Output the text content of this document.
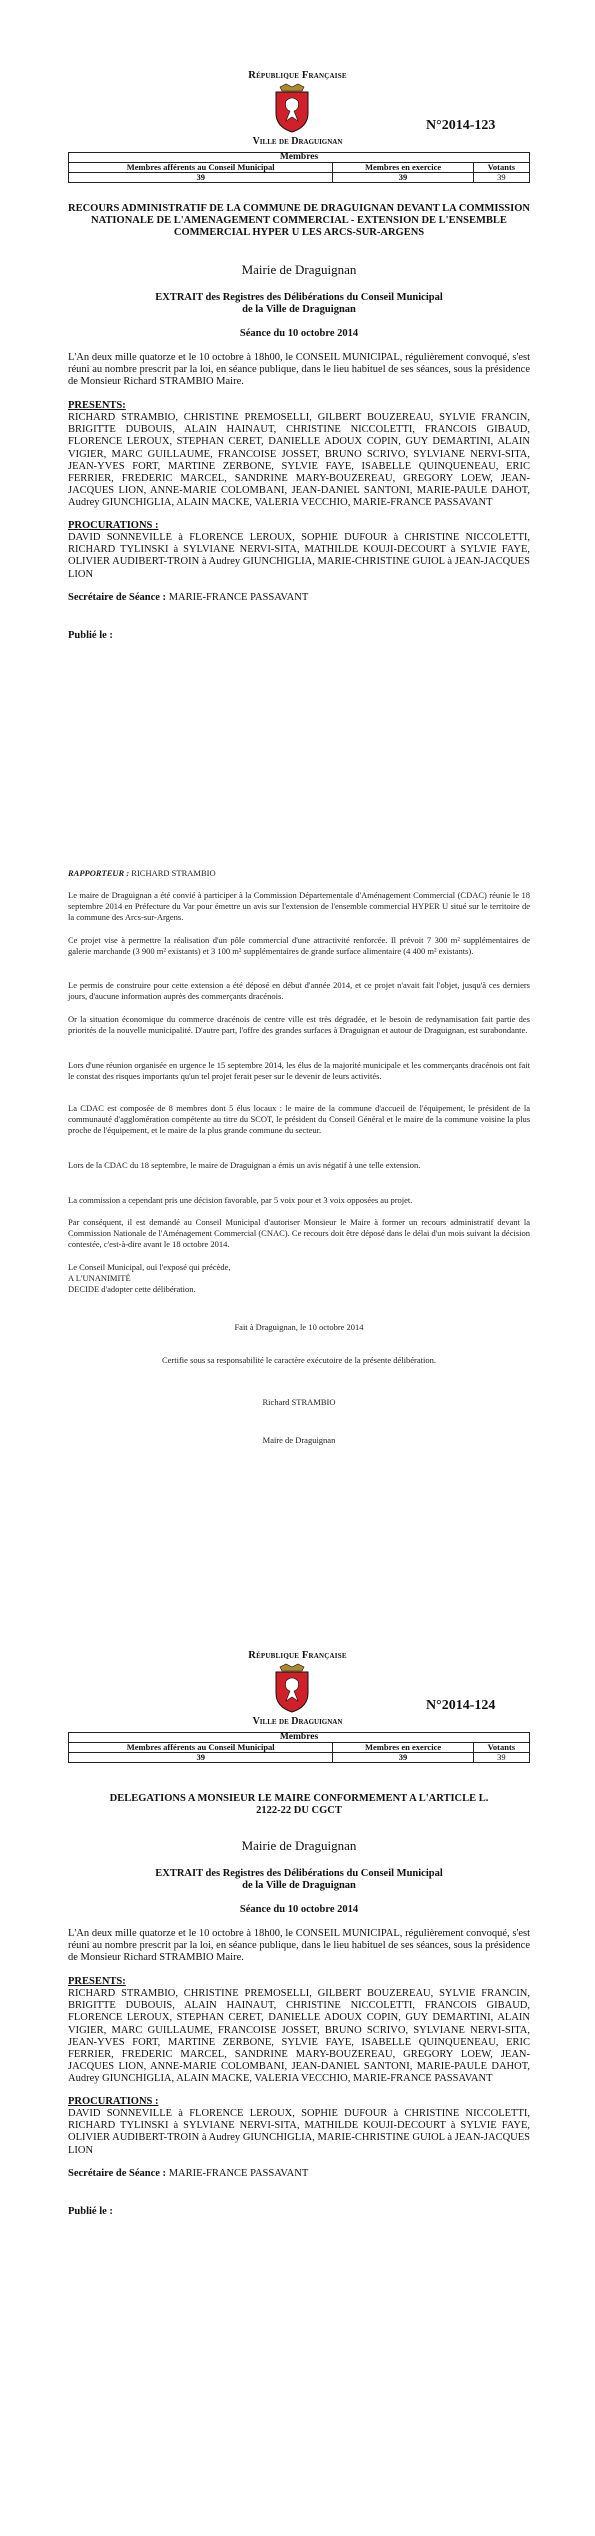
République Française
Ville de Draguignan
N°2014-123
Membres		
Membres afférents au Conseil Municipal	Membres en exercice	Votants
39	39	39
RECOURS ADMINISTRATIF DE LA COMMUNE DE DRAGUIGNAN DEVANT LA COMMISSION NATIONALE DE L'AMENAGEMENT COMMERCIAL - EXTENSION DE L'ENSEMBLE COMMERCIAL HYPER U LES ARCS-SUR-ARGENS
Mairie de Draguignan
EXTRAIT des Registres des Délibérations du Conseil Municipal
de la Ville de Draguignan
Séance du 10 octobre 2014
L'An deux mille quatorze et le 10 octobre à 18h00, le CONSEIL MUNICIPAL, régulièrement convoqué, s'est réuni au nombre prescrit par la loi, en séance publique, dans le lieu habituel de ses séances, sous la présidence de Monsieur Richard STRAMBIO Maire.
PRESENTS:
RICHARD STRAMBIO, CHRISTINE PREMOSELLI, GILBERT BOUZEREAU, SYLVIE FRANCIN, BRIGITTE DUBOUIS, ALAIN HAINAUT, CHRISTINE NICCOLETTI, FRANCOIS GIBAUD, FLORENCE LEROUX, STEPHAN CERET, DANIELLE ADOUX COPIN, GUY DEMARTINI, ALAIN VIGIER, MARC GUILLAUME, FRANCOISE JOSSET, BRUNO SCRIVO, SYLVIANE NERVI-SITA, JEAN-YVES FORT, MARTINE ZERBONE, SYLVIE FAYE, ISABELLE QUINQUENEAU, ERIC FERRIER, FREDERIC MARCEL, SANDRINE MARY-BOUZEREAU, GREGORY LOEW, JEAN-JACQUES LION, ANNE-MARIE COLOMBANI, JEAN-DANIEL SANTONI, MARIE-PAULE DAHOT, Audrey GIUNCHIGLIA, ALAIN MACKE, VALERIA VECCHIO, MARIE-FRANCE PASSAVANT
PROCURATIONS :
DAVID SONNEVILLE à FLORENCE LEROUX, SOPHIE DUFOUR à CHRISTINE NICCOLETTI, RICHARD TYLINSKI à SYLVIANE NERVI-SITA, MATHILDE KOUJI-DECOURT à SYLVIE FAYE, OLIVIER AUDIBERT-TROIN à Audrey GIUNCHIGLIA, MARIE-CHRISTINE GUIOL à JEAN-JACQUES LION
Secrétaire de Séance : MARIE-FRANCE PASSAVANT
Publié le :
RAPPORTEUR : RICHARD STRAMBIO
Le maire de Draguignan a été convié à participer à la Commission Départementale d'Aménagement Commercial (CDAC) réunie le 18 septembre 2014 en Préfecture du Var pour émettre un avis sur l'extension de l'ensemble commercial HYPER U situé sur le territoire de la commune des Arcs-sur-Argens.
Ce projet vise à permettre la réalisation d'un pôle commercial d'une attractivité renforcée. Il prévoit 7 300 m² supplémentaires de galerie marchande (3 900 m² existants) et 3 100 m² supplémentaires de grande surface alimentaire (4 400 m² existants).
Le permis de construire pour cette extension a été déposé en début d'année 2014, et ce projet n'avait fait l'objet, jusqu'à ces derniers jours, d'aucune information auprès des commerçants dracénois.
Or la situation économique du commerce dracénois de centre ville est très dégradée, et le besoin de redynamisation fait partie des priorités de la nouvelle municipalité. D'autre part, l'offre des grandes surfaces à Draguignan et autour de Draguignan, est surabondante.
Lors d'une réunion organisée en urgence le 15 septembre 2014, les élus de la majorité municipale et les commerçants dracénois ont fait le constat des risques importants qu'un tel projet ferait peser sur le devenir de leurs activités.
La CDAC est composée de 8 membres dont 5 élus locaux : le maire de la commune d'accueil de l'équipement, le président de la communauté d'agglomération compétente au titre du SCOT, le président du Conseil Général et le maire de la commune voisine la plus proche de l'équipement, et le maire de la plus grande commune du secteur.
Lors de la CDAC du 18 septembre, le maire de Draguignan a émis un avis négatif à une telle extension.
La commission a cependant pris une décision favorable, par 5 voix pour et 3 voix opposées au projet.
Par conséquent, il est demandé au Conseil Municipal d'autoriser Monsieur le Maire à former un recours administratif devant la Commission Nationale de l'Aménagement Commercial (CNAC). Ce recours doit être déposé dans le délai d'un mois suivant la décision contestée, c'est-à-dire avant le 18 octobre 2014.
Le Conseil Municipal, ouï l'exposé qui précède,
A L'UNANIMITÉ
DECIDE d'adopter cette délibération.
Fait à Draguignan, le 10 octobre 2014
Certifie sous sa responsabilité le caractère exécutoire de la présente délibération.
Richard STRAMBIO
Maire de Draguignan
République Française
Ville de Draguignan
N°2014-124
Membres		
Membres afférents au Conseil Municipal	Membres en exercice	Votants
39	39	39
DELEGATIONS A MONSIEUR LE MAIRE CONFORMEMENT A L'ARTICLE L. 2122-22 DU CGCT
Mairie de Draguignan
EXTRAIT des Registres des Délibérations du Conseil Municipal
de la Ville de Draguignan
Séance du 10 octobre 2014
L'An deux mille quatorze et le 10 octobre à 18h00, le CONSEIL MUNICIPAL, régulièrement convoqué, s'est réuni au nombre prescrit par la loi, en séance publique, dans le lieu habituel de ses séances, sous la présidence de Monsieur Richard STRAMBIO Maire.
PRESENTS:
RICHARD STRAMBIO, CHRISTINE PREMOSELLI, GILBERT BOUZEREAU, SYLVIE FRANCIN, BRIGITTE DUBOUIS, ALAIN HAINAUT, CHRISTINE NICCOLETTI, FRANCOIS GIBAUD, FLORENCE LEROUX, STEPHAN CERET, DANIELLE ADOUX COPIN, GUY DEMARTINI, ALAIN VIGIER, MARC GUILLAUME, FRANCOISE JOSSET, BRUNO SCRIVO, SYLVIANE NERVI-SITA, JEAN-YVES FORT, MARTINE ZERBONE, SYLVIE FAYE, ISABELLE QUINQUENEAU, ERIC FERRIER, FREDERIC MARCEL, SANDRINE MARY-BOUZEREAU, GREGORY LOEW, JEAN-JACQUES LION, ANNE-MARIE COLOMBANI, JEAN-DANIEL SANTONI, MARIE-PAULE DAHOT, Audrey GIUNCHIGLIA, ALAIN MACKE, VALERIA VECCHIO, MARIE-FRANCE PASSAVANT
PROCURATIONS :
DAVID SONNEVILLE à FLORENCE LEROUX, SOPHIE DUFOUR à CHRISTINE NICCOLETTI, RICHARD TYLINSKI à SYLVIANE NERVI-SITA, MATHILDE KOUJI-DECOURT à SYLVIE FAYE, OLIVIER AUDIBERT-TROIN à Audrey GIUNCHIGLIA, MARIE-CHRISTINE GUIOL à JEAN-JACQUES LION
Secrétaire de Séance : MARIE-FRANCE PASSAVANT
Publié le :
